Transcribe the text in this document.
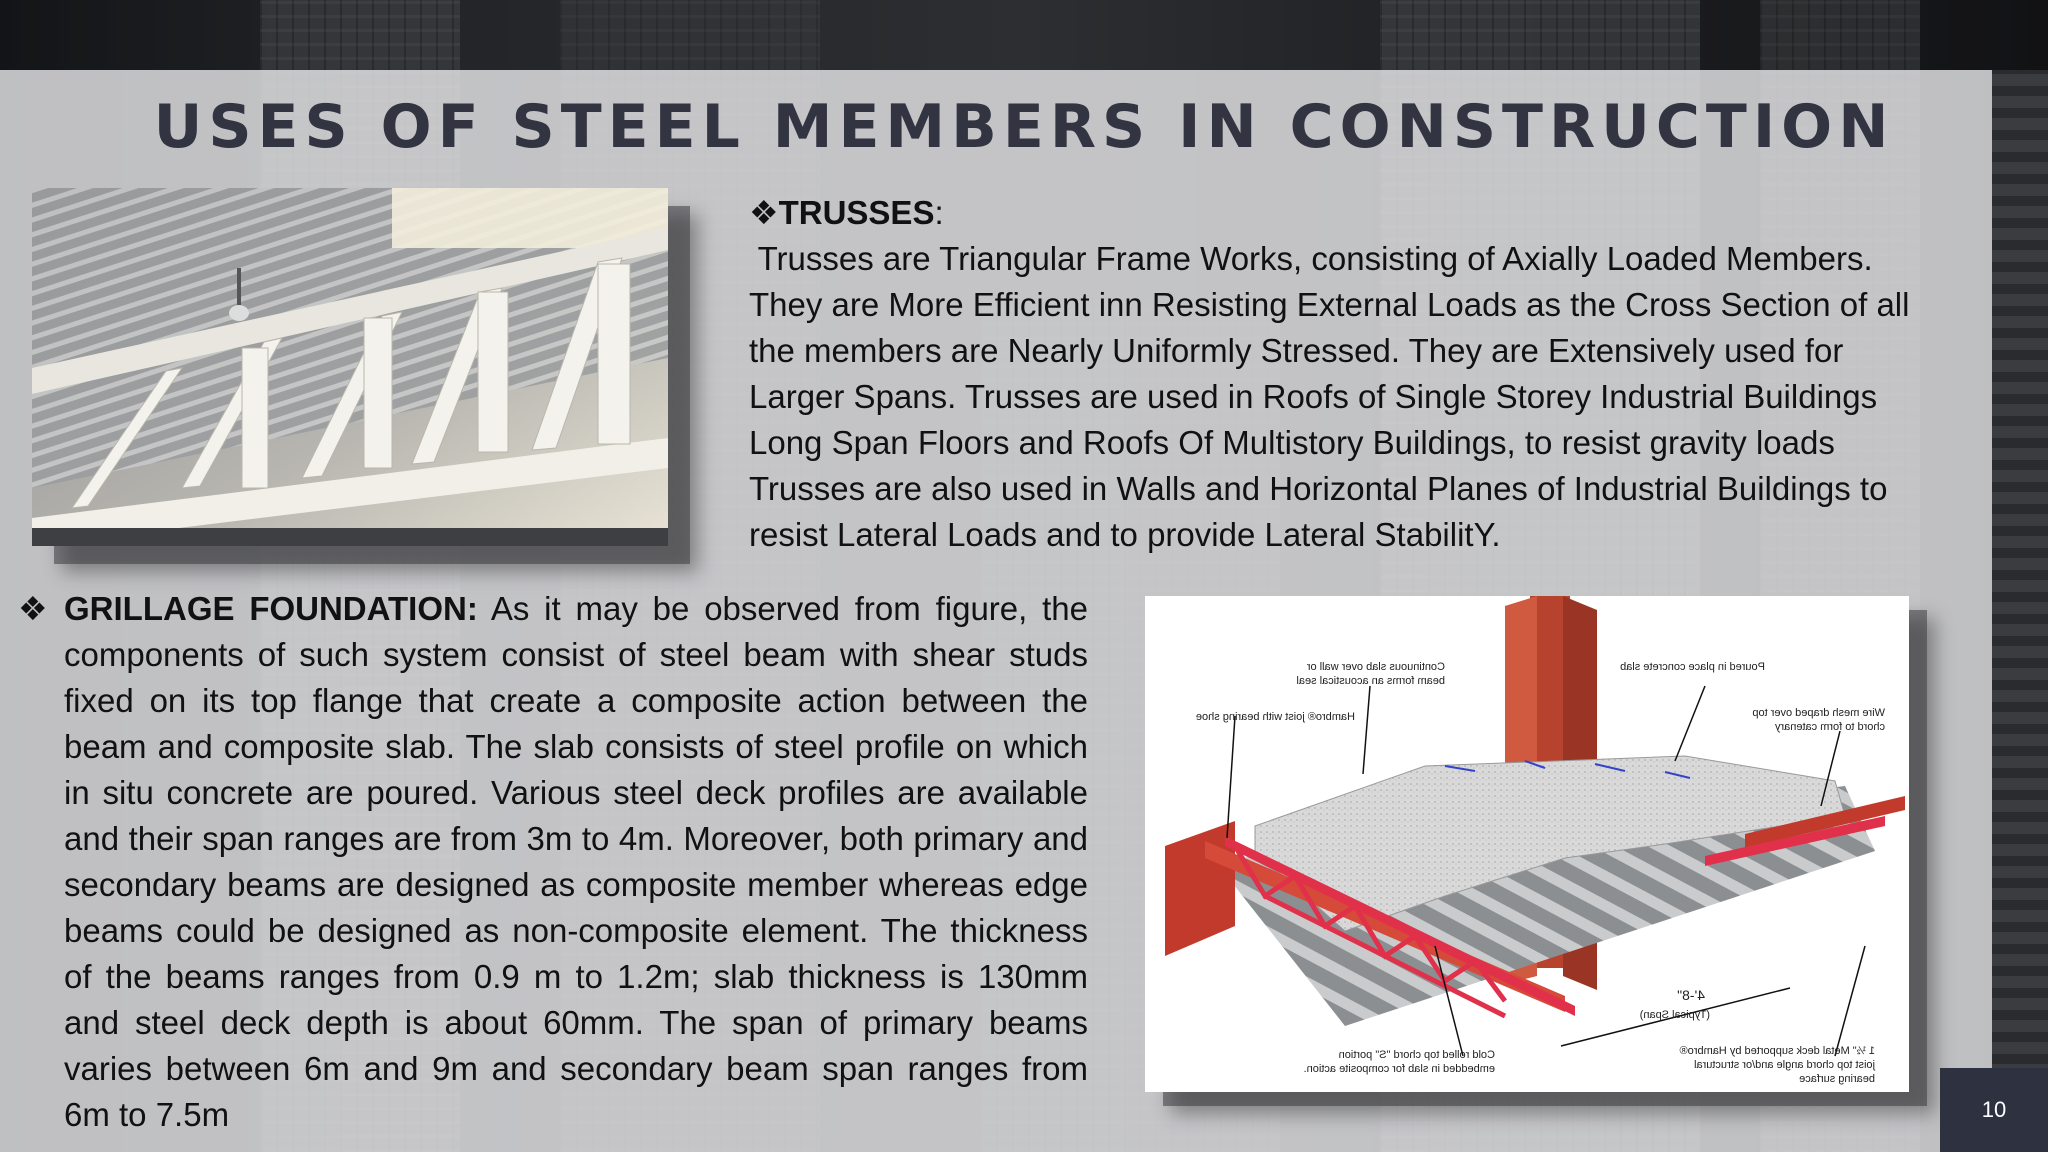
USES OF STEEL MEMBERS IN CONSTRUCTION

❖TRUSSES:

Trusses are Triangular Frame Works, consisting of Axially Loaded Members.

They are More Efficient inn Resisting External Loads as the Cross Section of all

the members are Nearly Uniformly Stressed. They are Extensively used for

Larger Spans. Trusses are used in Roofs of Single Storey Industrial Buildings

Long Span Floors and Roofs Of Multistory Buildings, to resist gravity loads

Trusses are also used in Walls and Horizontal Planes of Industrial Buildings to

resist Lateral Loads and to provide Lateral StabilitY.

❖ GRILLAGE FOUNDATION: As it may be observed from figure, the components of such system consist of steel beam with shear studs fixed on its top flange that create a composite action between the beam and composite slab. The slab consists of steel profile on which in situ concrete are poured. Various steel deck profiles are available and their span ranges are from 3m to 4m. Moreover, both primary and secondary beams are designed as composite member whereas edge beams could be designed as non-composite element. The thickness of the beams ranges from 0.9 m to 1.2m; slab thickness is 130mm and steel deck depth is about 60mm. The span of primary beams varies between 6m and 9m and secondary beam span ranges from 6m to 7.5m
Continuous slab over wall or beam forms an acoustical seal
Poured in place concrete slab
Hambro® joist with bearing shoe	Wire mesh draped over top chord to form catenary
4'-8"
(Typical Span)
Cold rolled top chord "S" portion embedded in slab for composite action.
1 ½" Metal deck supported by Hambro® joist top chord angle and/or structural bearing surface
10
